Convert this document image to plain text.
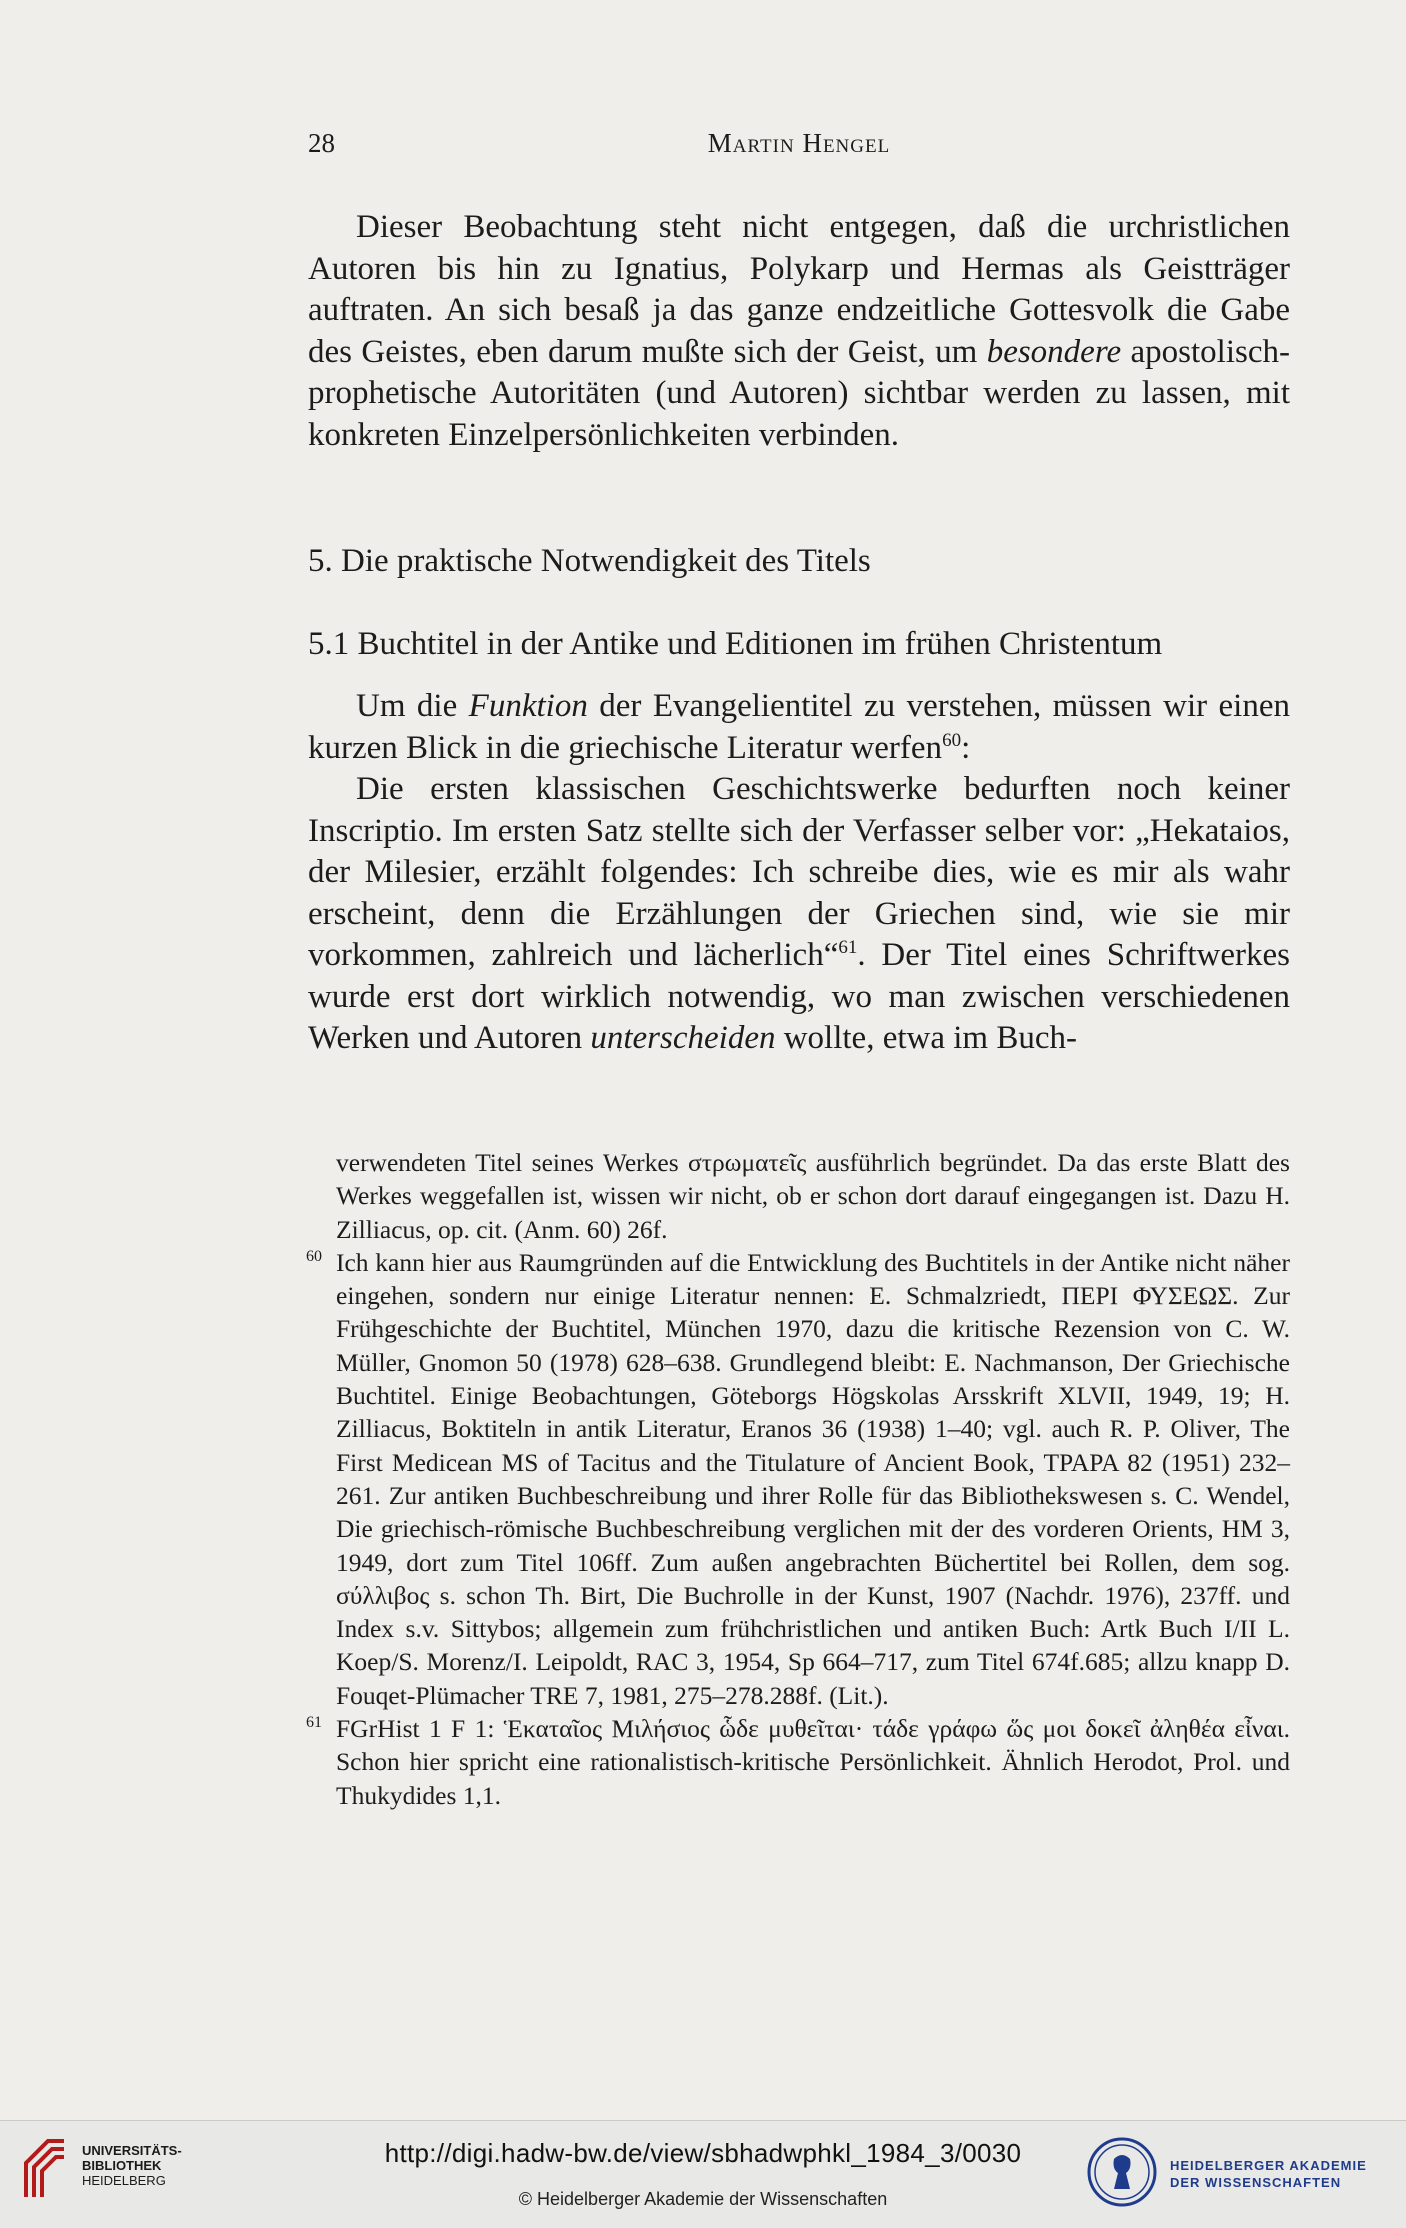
28	Martin Hengel

Dieser Beobachtung steht nicht entgegen, daß die urchristlichen Autoren bis hin zu Ignatius, Polykarp und Hermas als Geistträger auftraten. An sich besaß ja das ganze endzeitliche Gottesvolk die Gabe des Geistes, eben darum mußte sich der Geist, um besondere apostolisch-prophetische Autoritäten (und Autoren) sichtbar werden zu lassen, mit konkreten Einzelpersönlichkeiten verbinden.

5. Die praktische Notwendigkeit des Titels
5.1 Buchtitel in der Antike und Editionen im frühen Christentum

Um die Funktion der Evangelientitel zu verstehen, müssen wir einen kurzen Blick in die griechische Literatur werfen$^{60}$:

Die ersten klassischen Geschichtswerke bedurften noch keiner Inscriptio. Im ersten Satz stellte sich der Verfasser selber vor: „Hekataios, der Milesier, erzählt folgendes: Ich schreibe dies, wie es mir als wahr erscheint, denn die Erzählungen der Griechen sind, wie sie mir vorkommen, zahlreich und lächerlich“$^{61}$. Der Titel eines Schriftwerkes wurde erst dort wirklich notwendig, wo man zwischen verschiedenen Werken und Autoren unterscheiden wollte, etwa im Buch-

verwendeten Titel seines Werkes στρωματεῖς ausführlich begründet. Da das erste Blatt des Werkes weggefallen ist, wissen wir nicht, ob er schon dort darauf eingegangen ist. Dazu H. Zilliacus, op. cit. (Anm. 60) 26f.

60 Ich kann hier aus Raumgründen auf die Entwicklung des Buchtitels in der Antike nicht näher eingehen, sondern nur einige Literatur nennen: E. Schmalzriedt, ΠΕΡΙ ΦΥΣΕΩΣ. Zur Frühgeschichte der Buchtitel, München 1970, dazu die kritische Rezension von C. W. Müller, Gnomon 50 (1978) 628–638. Grundlegend bleibt: E. Nachmanson, Der Griechische Buchtitel. Einige Beobachtungen, Göteborgs Högskolas Arsskrift XLVII, 1949, 19; H. Zilliacus, Boktiteln in antik Literatur, Eranos 36 (1938) 1–40; vgl. auch R. P. Oliver, The First Medicean MS of Tacitus and the Titulature of Ancient Book, TPAPA 82 (1951) 232–261. Zur antiken Buchbeschreibung und ihrer Rolle für das Bibliothekswesen s. C. Wendel, Die griechisch-römische Buchbeschreibung verglichen mit der des vorderen Orients, HM 3, 1949, dort zum Titel 106ff. Zum außen angebrachten Büchertitel bei Rollen, dem sog. σύλλιβος s. schon Th. Birt, Die Buchrolle in der Kunst, 1907 (Nachdr. 1976), 237ff. und Index s.v. Sittybos; allgemein zum frühchristlichen und antiken Buch: Artk Buch I/II L. Koep/S. Morenz/I. Leipoldt, RAC 3, 1954, Sp 664–717, zum Titel 674f.685; allzu knapp D. Fouqet-Plümacher TRE 7, 1981, 275–278.288f. (Lit.).

61 FGrHist 1 F 1: Ἑκαταῖος Μιλήσιος ὧδε μυθεῖται· τάδε γράφω ὥς μοι δοκεῖ ἀληθέα εἶναι. Schon hier spricht eine rationalistisch-kritische Persönlichkeit. Ähnlich Herodot, Prol. und Thukydides 1,1.

UNIVERSITÄTS-
BIBLIOTHEK
HEIDELBERG
http://digi.hadw-bw.de/view/sbhadwphkl_1984_3/0030
© Heidelberger Akademie der Wissenschaften
HEIDELBERGER AKADEMIE
DER WISSENSCHAFTEN
